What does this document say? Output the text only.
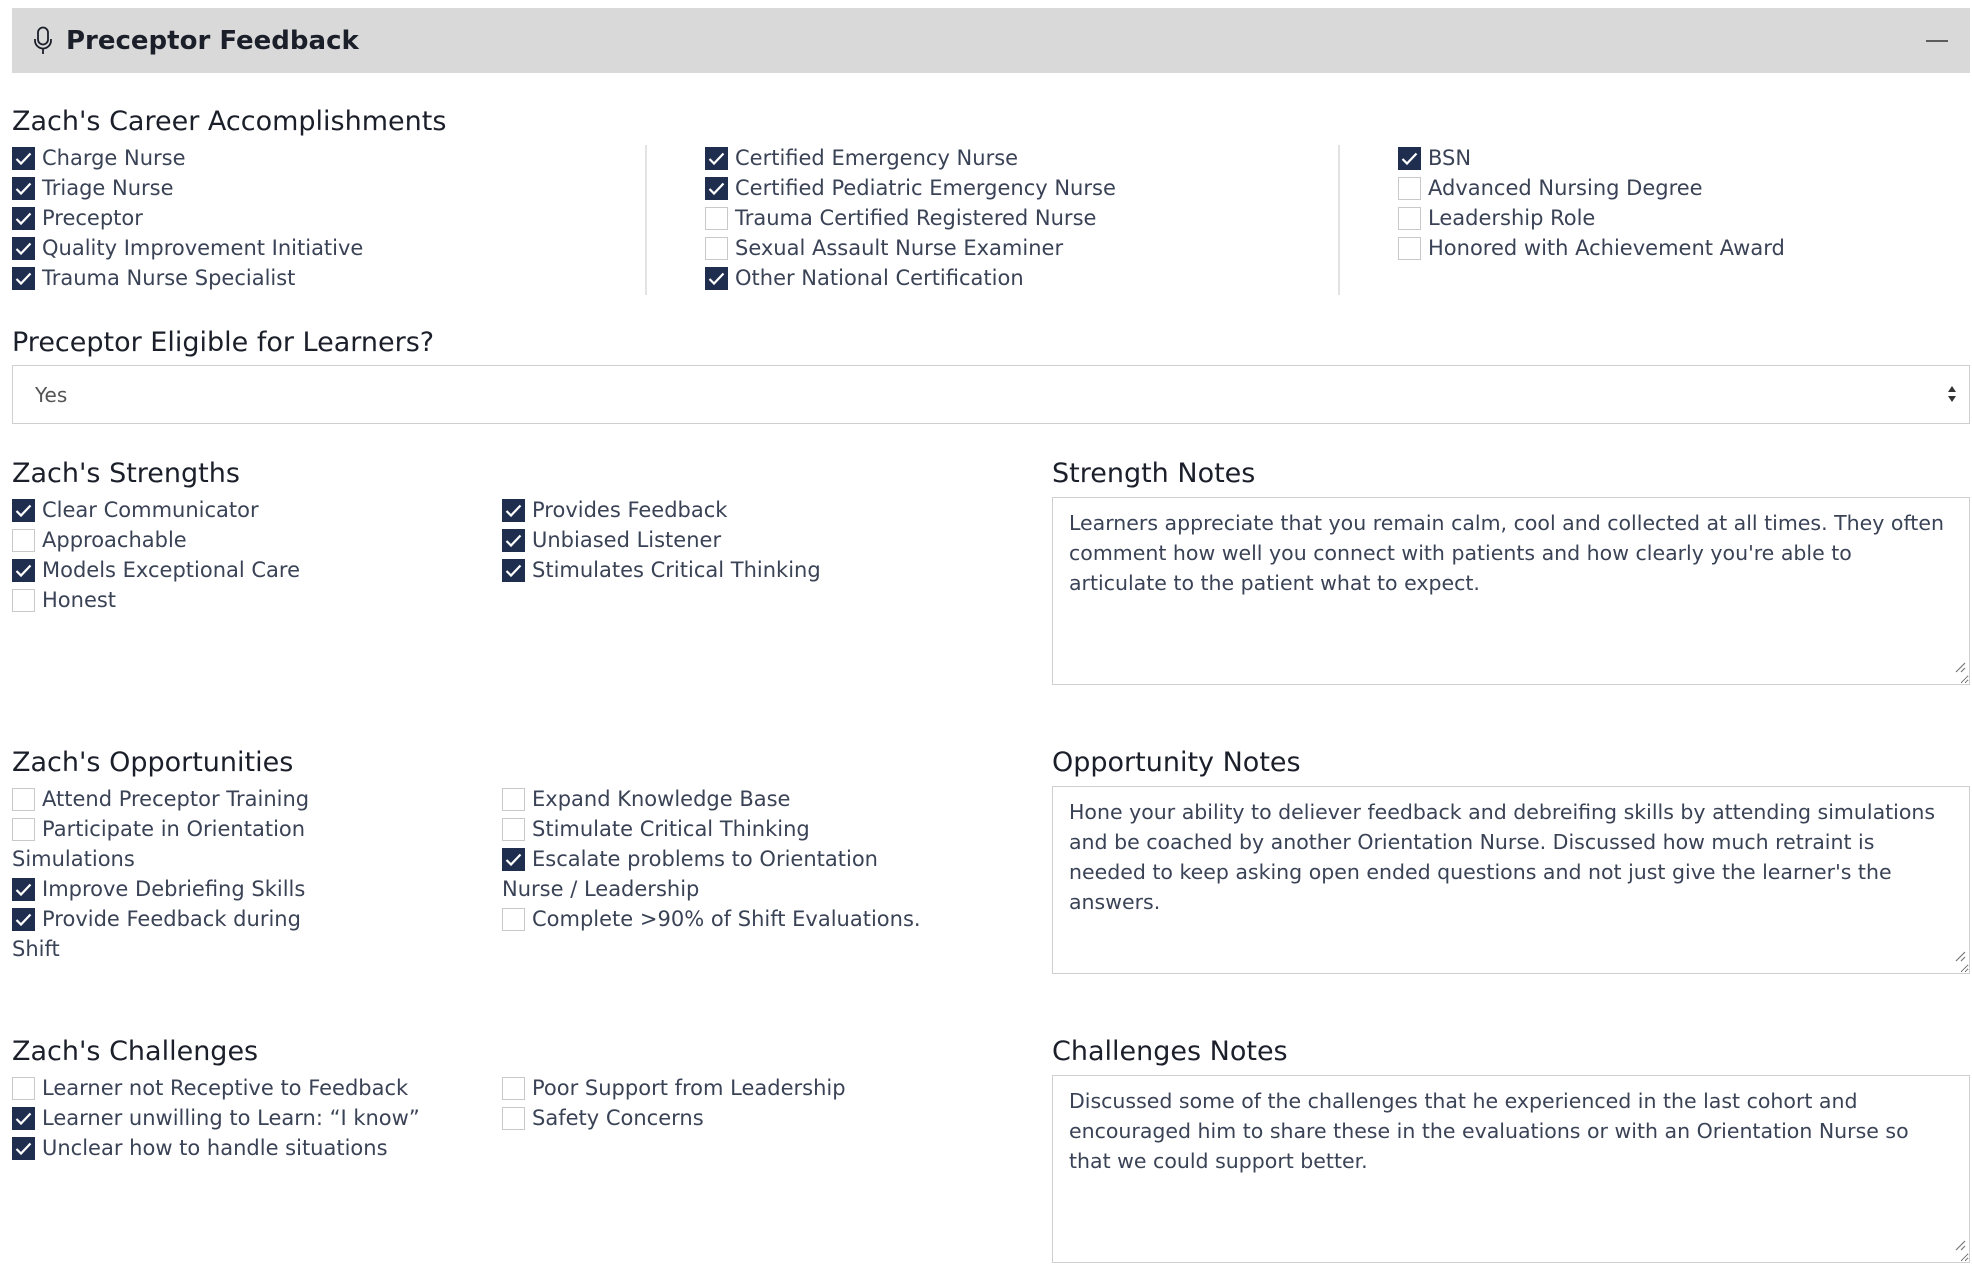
Preceptor Feedback
Zach's Career Accomplishments
Charge Nurse
Triage Nurse
Preceptor
Quality Improvement Initiative
Trauma Nurse Specialist
Certified Emergency Nurse
Certified Pediatric Emergency Nurse
Trauma Certified Registered Nurse
Sexual Assault Nurse Examiner
Other National Certification
BSN
Advanced Nursing Degree
Leadership Role
Honored with Achievement Award
Preceptor Eligible for Learners?
Yes
Zach's Strengths
Clear Communicator
Approachable
Models Exceptional Care
Honest
Provides Feedback
Unbiased Listener
Stimulates Critical Thinking
Strength Notes
Learners appreciate that you remain calm, cool and collected at all times. They often comment how well you connect with patients and how clearly you're able to articulate to the patient what to expect.
Zach's Opportunities
Attend Preceptor Training
Participate in Orientation Simulations
Improve Debriefing Skills
Provide Feedback during Shift
Expand Knowledge Base
Stimulate Critical Thinking
Escalate problems to Orientation Nurse / Leadership
Complete >90% of Shift Evaluations.
Opportunity Notes
Hone your ability to deliever feedback and debreifing skills by attending simulations and be coached by another Orientation Nurse. Discussed how much retraint is needed to keep asking open ended questions and not just give the learner's the answers.
Zach's Challenges
Learner not Receptive to Feedback
Learner unwilling to Learn: “I know”
Unclear how to handle situations
Poor Support from Leadership
Safety Concerns
Challenges Notes
Discussed some of the challenges that he experienced in the last cohort and encouraged him to share these in the evaluations or with an Orientation Nurse so that we could support better.
